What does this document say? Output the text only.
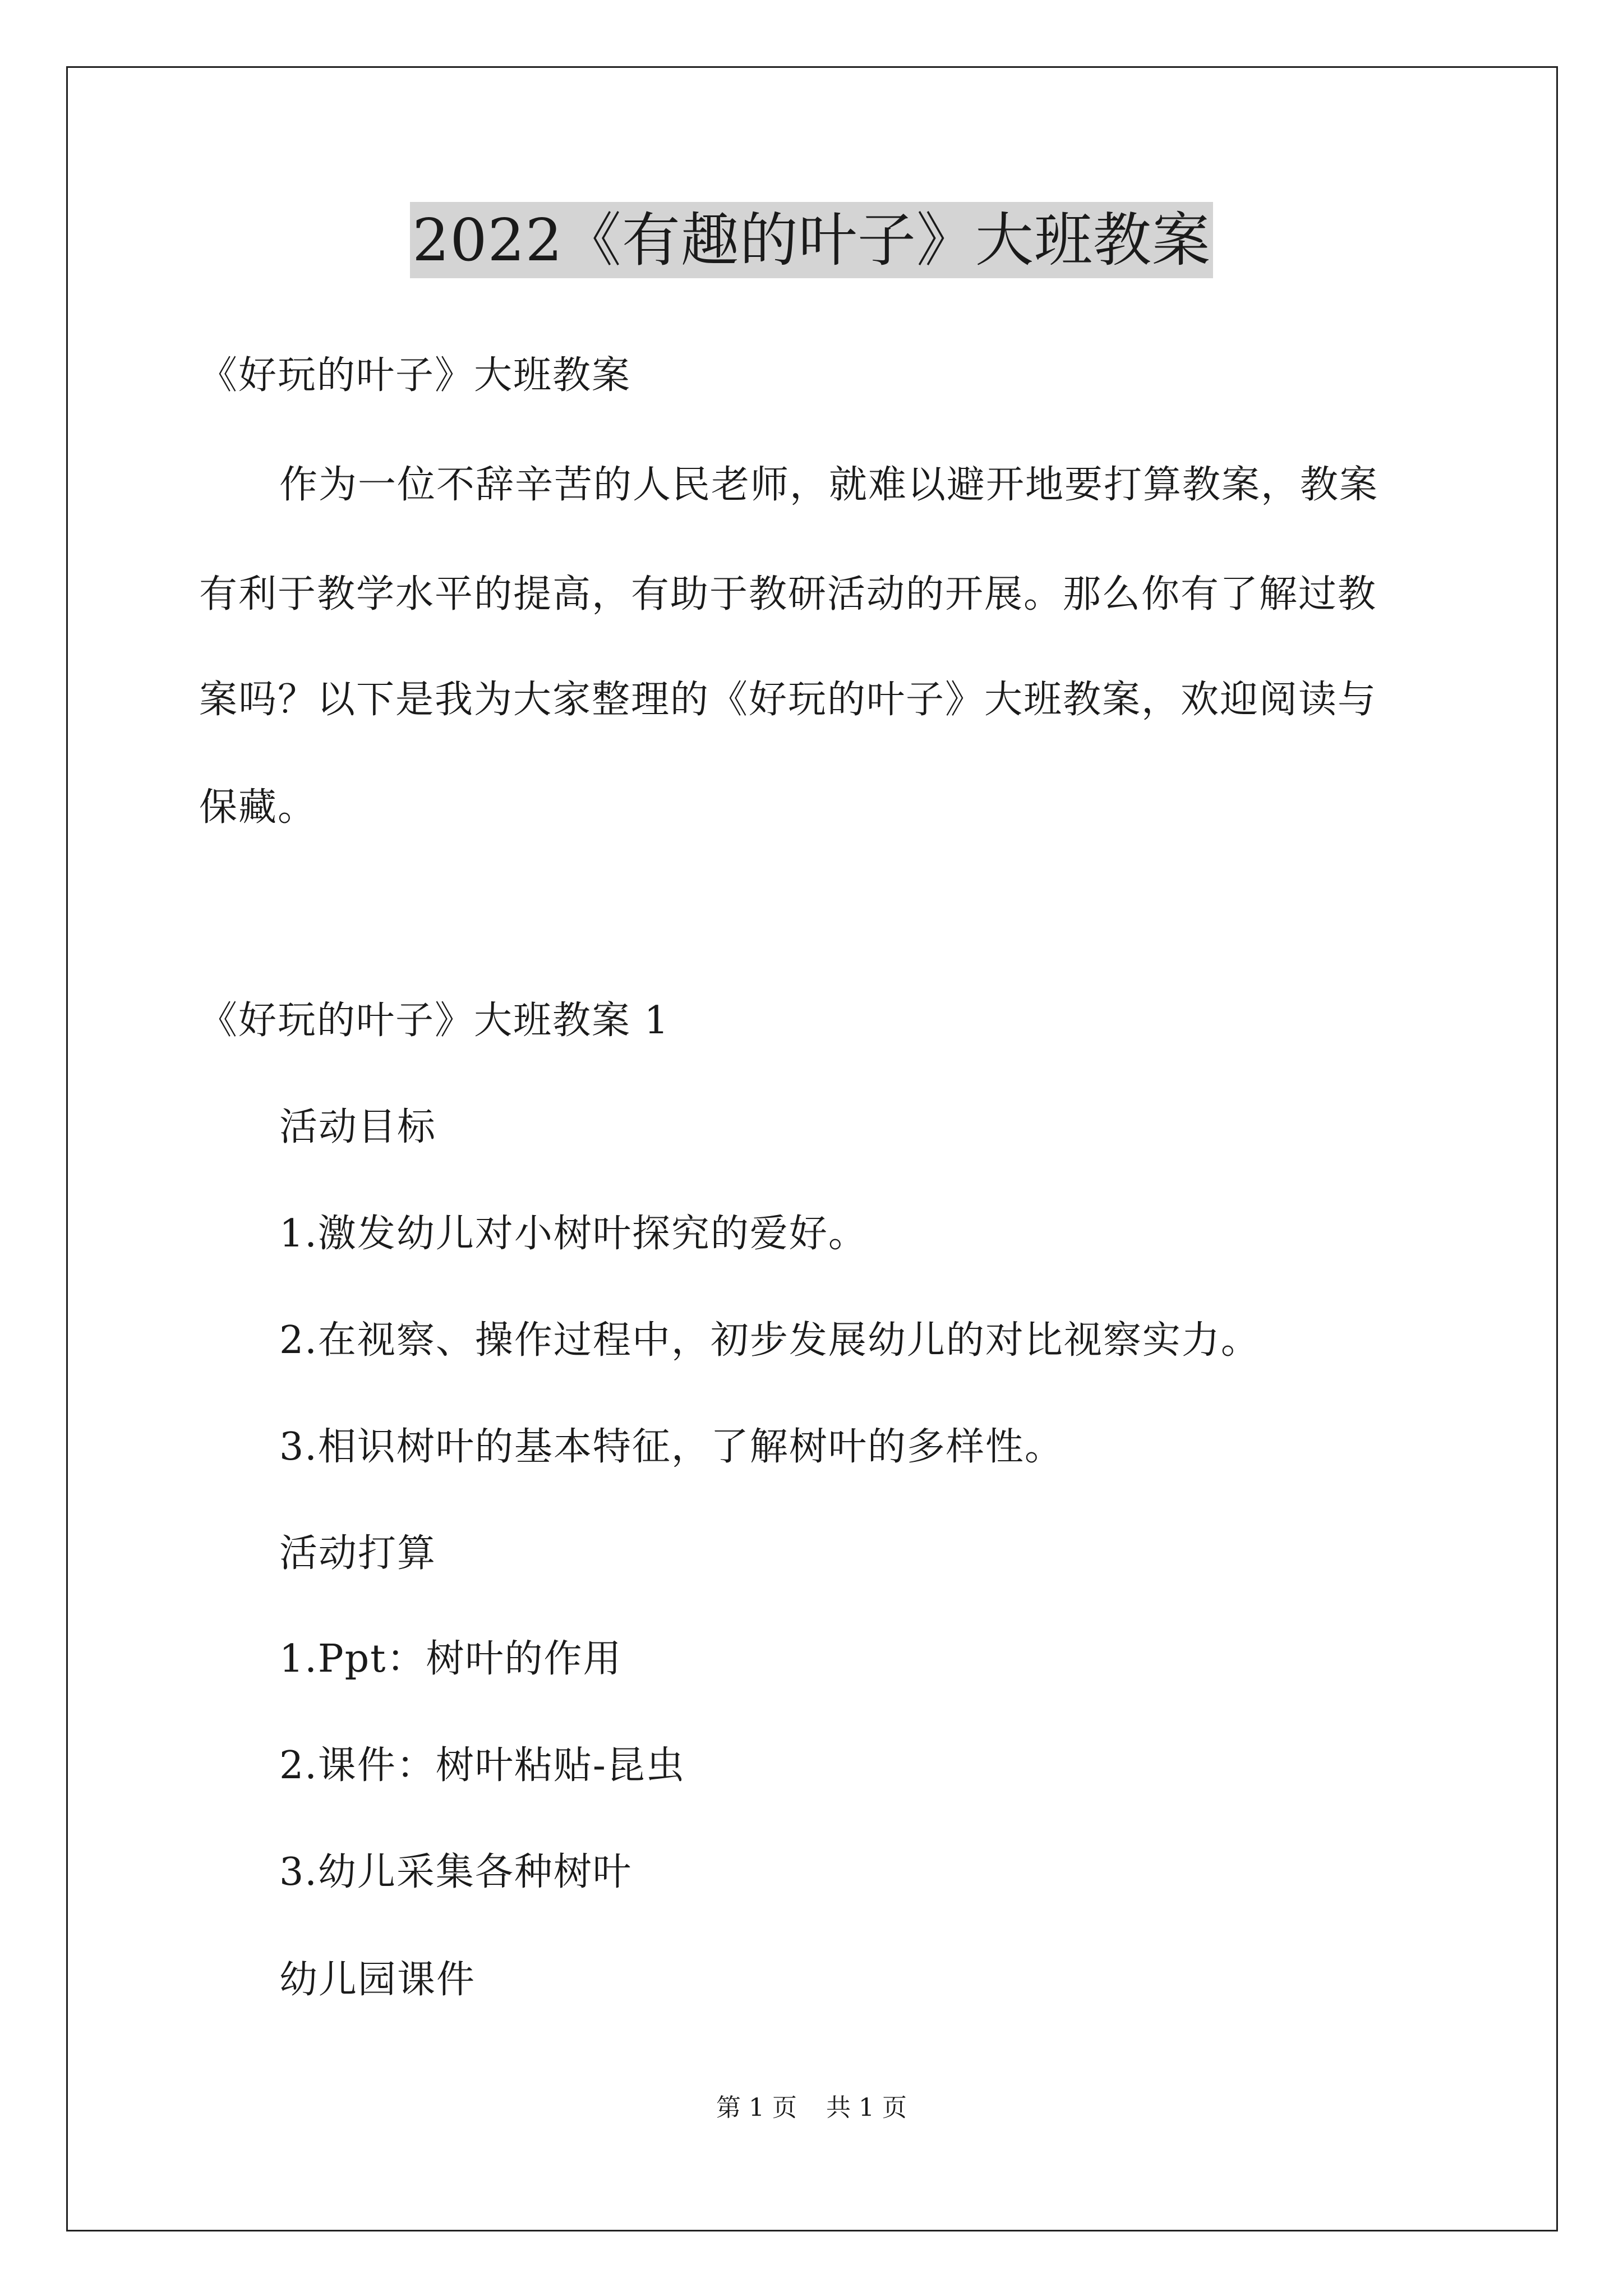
2022《有趣的叶子》大班教案
《好玩的叶子》大班教案
作为一位不辞辛苦的人民老师，就难以避开地要打算教案，教案
有利于教学水平的提高，有助于教研活动的开展。那么你有了解过教
案吗？以下是我为大家整理的《好玩的叶子》大班教案，欢迎阅读与
保藏。
《好玩的叶子》大班教案 1
活动目标
1.激发幼儿对小树叶探究的爱好。
2.在视察、操作过程中，初步发展幼儿的对比视察实力。
3.相识树叶的基本特征，了解树叶的多样性。
活动打算
1.Ppt：树叶的作用
2.课件：树叶粘贴-昆虫
3.幼儿采集各种树叶
幼儿园课件
第 1 页 共 1 页
